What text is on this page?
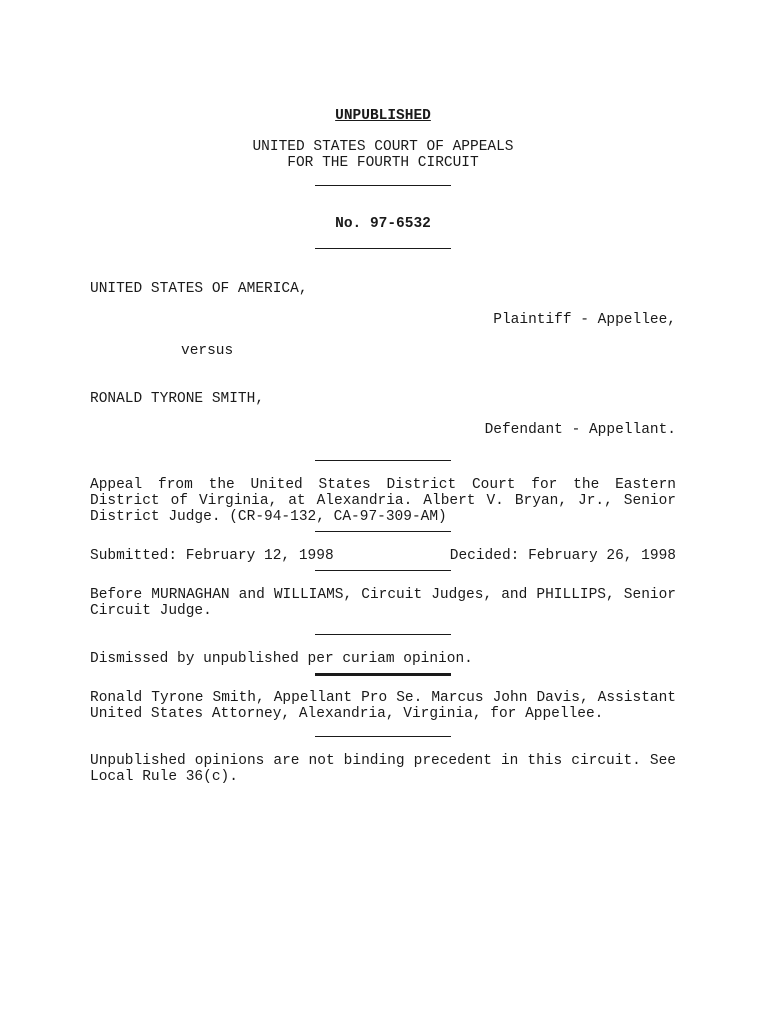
UNPUBLISHED
UNITED STATES COURT OF APPEALS
FOR THE FOURTH CIRCUIT
No. 97-6532
UNITED STATES OF AMERICA,
Plaintiff - Appellee,
versus
RONALD TYRONE SMITH,
Defendant - Appellant.
Appeal from the United States District Court for the Eastern District of Virginia, at Alexandria. Albert V. Bryan, Jr., Senior District Judge. (CR-94-132, CA-97-309-AM)
Submitted: February 12, 1998	Decided: February 26, 1998
Before MURNAGHAN and WILLIAMS, Circuit Judges, and PHILLIPS, Senior Circuit Judge.
Dismissed by unpublished per curiam opinion.
Ronald Tyrone Smith, Appellant Pro Se. Marcus John Davis, Assistant United States Attorney, Alexandria, Virginia, for Appellee.
Unpublished opinions are not binding precedent in this circuit. See Local Rule 36(c).
